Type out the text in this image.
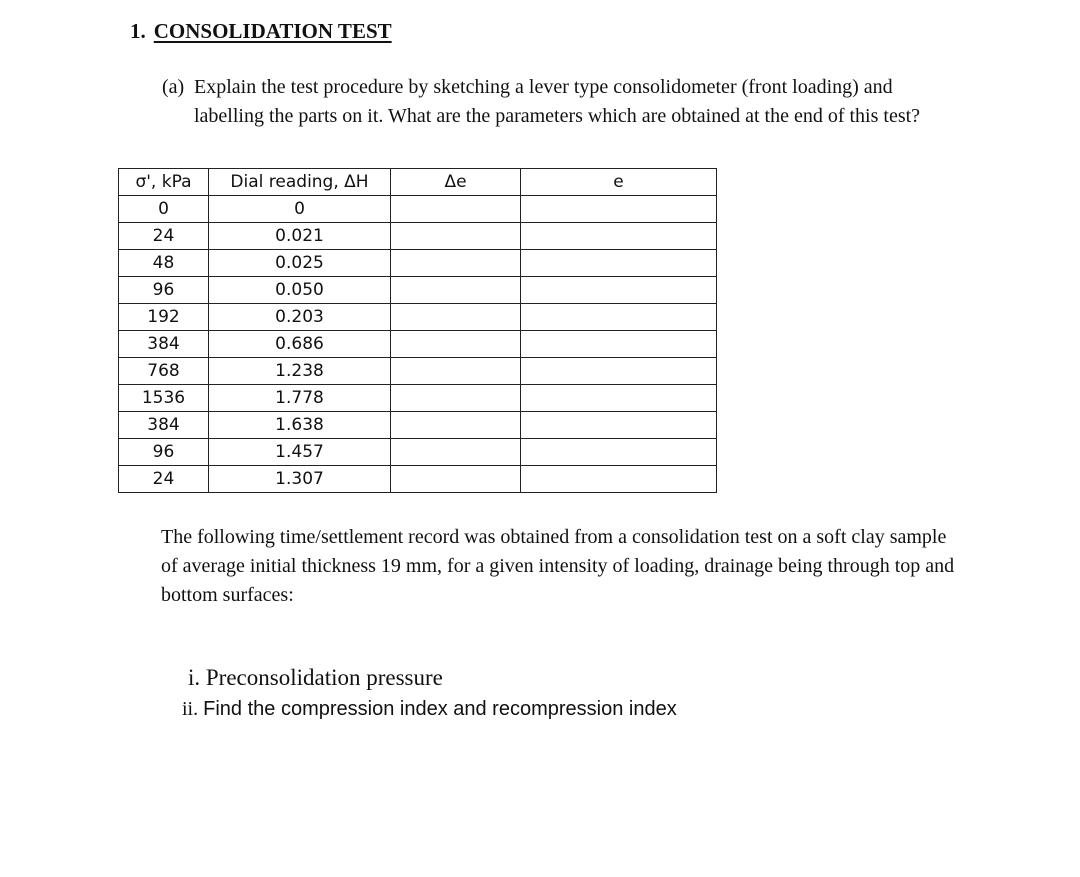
1. CONSOLIDATION TEST
(a) Explain the test procedure by sketching a lever type consolidometer (front loading) and labelling the parts on it. What are the parameters which are obtained at the end of this test?
σ', kPa	Dial reading, ΔH	Δe	e
0	0		
24	0.021		
48	0.025		
96	0.050		
192	0.203		
384	0.686		
768	1.238		
1536	1.778		
384	1.638		
96	1.457		
24	1.307		
The following time/settlement record was obtained from a consolidation test on a soft clay sample of average initial thickness 19 mm, for a given intensity of loading, drainage being through top and bottom surfaces:
i. Preconsolidation pressure
ii. Find the compression index and recompression index
